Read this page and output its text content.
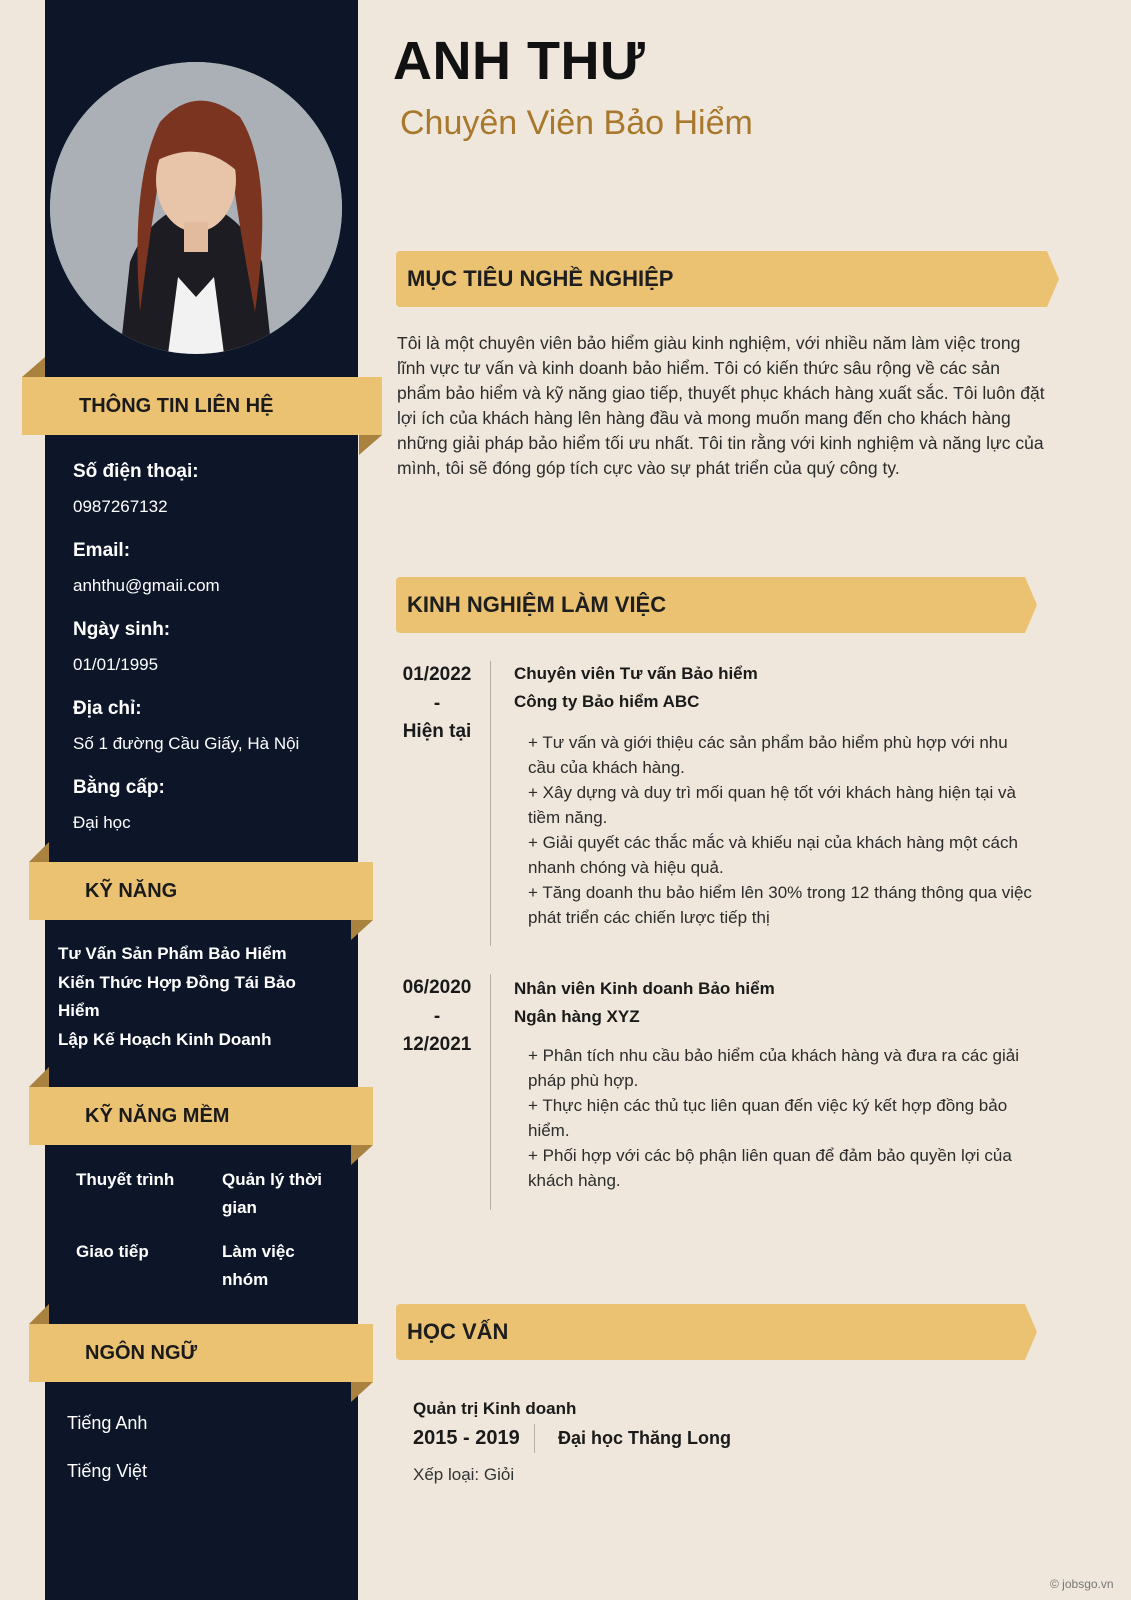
THÔNG TIN LIÊN HỆ
Số điện thoại:
0987267132
Email:
anhthu@gmaii.com
Ngày sinh:
01/01/1995
Địa chỉ:
Số 1 đường Cầu Giấy, Hà Nội
Bằng cấp:
Đại học
KỸ NĂNG
Tư Vấn Sản Phẩm Bảo Hiểm
Kiến Thức Hợp Đồng Tái Bảo Hiểm
Lập Kế Hoạch Kinh Doanh
KỸ NĂNG MỀM
Thuyết trình	Quản lý thời gian
Giao tiếp	Làm việc nhóm
NGÔN NGỮ
Tiếng Anh
Tiếng Việt
ANH THƯ
Chuyên Viên Bảo Hiểm
MỤC TIÊU NGHỀ NGHIỆP
Tôi là một chuyên viên bảo hiểm giàu kinh nghiệm, với nhiều năm làm việc trong lĩnh vực tư vấn và kinh doanh bảo hiểm. Tôi có kiến thức sâu rộng về các sản phẩm bảo hiểm và kỹ năng giao tiếp, thuyết phục khách hàng xuất sắc. Tôi luôn đặt lợi ích của khách hàng lên hàng đầu và mong muốn mang đến cho khách hàng những giải pháp bảo hiểm tối ưu nhất. Tôi tin rằng với kinh nghiệm và năng lực của mình, tôi sẽ đóng góp tích cực vào sự phát triển của quý công ty.
KINH NGHIỆM LÀM VIỆC
01/2022
-
Hiện tại
Chuyên viên Tư vấn Bảo hiểm
Công ty Bảo hiểm ABC
+ Tư vấn và giới thiệu các sản phẩm bảo hiểm phù hợp với nhu cầu của khách hàng.
+ Xây dựng và duy trì mối quan hệ tốt với khách hàng hiện tại và tiềm năng.
+ Giải quyết các thắc mắc và khiếu nại của khách hàng một cách nhanh chóng và hiệu quả.
+ Tăng doanh thu bảo hiểm lên 30% trong 12 tháng thông qua việc phát triển các chiến lược tiếp thị
06/2020
-
12/2021
Nhân viên Kinh doanh Bảo hiểm
Ngân hàng XYZ
+ Phân tích nhu cầu bảo hiểm của khách hàng và đưa ra các giải pháp phù hợp.
+ Thực hiện các thủ tục liên quan đến việc ký kết hợp đồng bảo hiểm.
+ Phối hợp với các bộ phận liên quan để đảm bảo quyền lợi của khách hàng.
HỌC VẤN
Quản trị Kinh doanh
2015 - 2019 Đại học Thăng Long
Xếp loại: Giỏi
© jobsgo.vn
